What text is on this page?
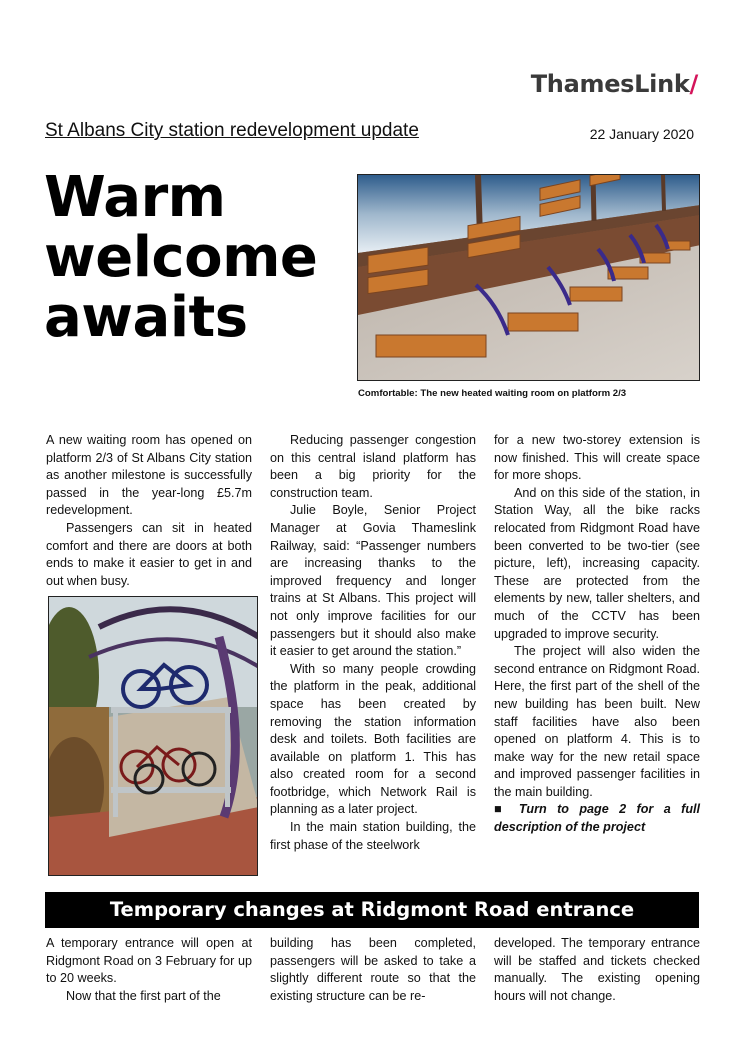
ThamesLink/
St Albans City station redevelopment update	22 January 2020
Warm
welcome
awaits
Comfortable: The new heated waiting room on platform 2/3

A new waiting room has opened on platform 2/3 of St Albans City station as another milestone is successfully passed in the year-long £5.7m redevelopment.

Passengers can sit in heated comfort and there are doors at both ends to make it easier to get in and out when busy.

Reducing passenger congestion on this central island platform has been a big priority for the construction team.

Julie Boyle, Senior Project Manager at Govia Thameslink Railway, said: “Passenger numbers are increasing thanks to the improved frequency and longer trains at St Albans. This project will not only improve facilities for our passengers but it should also make it easier to get around the station.”

With so many people crowding the platform in the peak, additional space has been created by removing the station information desk and toilets. Both facilities are available on platform 1. This has also created room for a second footbridge, which Network Rail is planning as a later project.

In the main station building, the first phase of the steelwork

for a new two-storey extension is now finished. This will create space for more shops.

And on this side of the station, in Station Way, all the bike racks relocated from Ridgmont Road have been converted to be two-tier (see picture, left), increasing capacity. These are protected from the elements by new, taller shelters, and much of the CCTV has been upgraded to improve security.

The project will also widen the second entrance on Ridgmont Road. Here, the first part of the shell of the new building has been built. New staff facilities have also been opened on platform 4. This is to make way for the new retail space and improved passenger facilities in the main building.

■ Turn to page 2 for a full description of the project

Temporary changes at Ridgmont Road entrance

A temporary entrance will open at Ridgmont Road on 3 February for up to 20 weeks.

Now that the first part of the

building has been completed, passengers will be asked to take a slightly different route so that the existing structure can be re-

developed. The temporary entrance will be staffed and tickets checked manually. The existing opening hours will not change.
